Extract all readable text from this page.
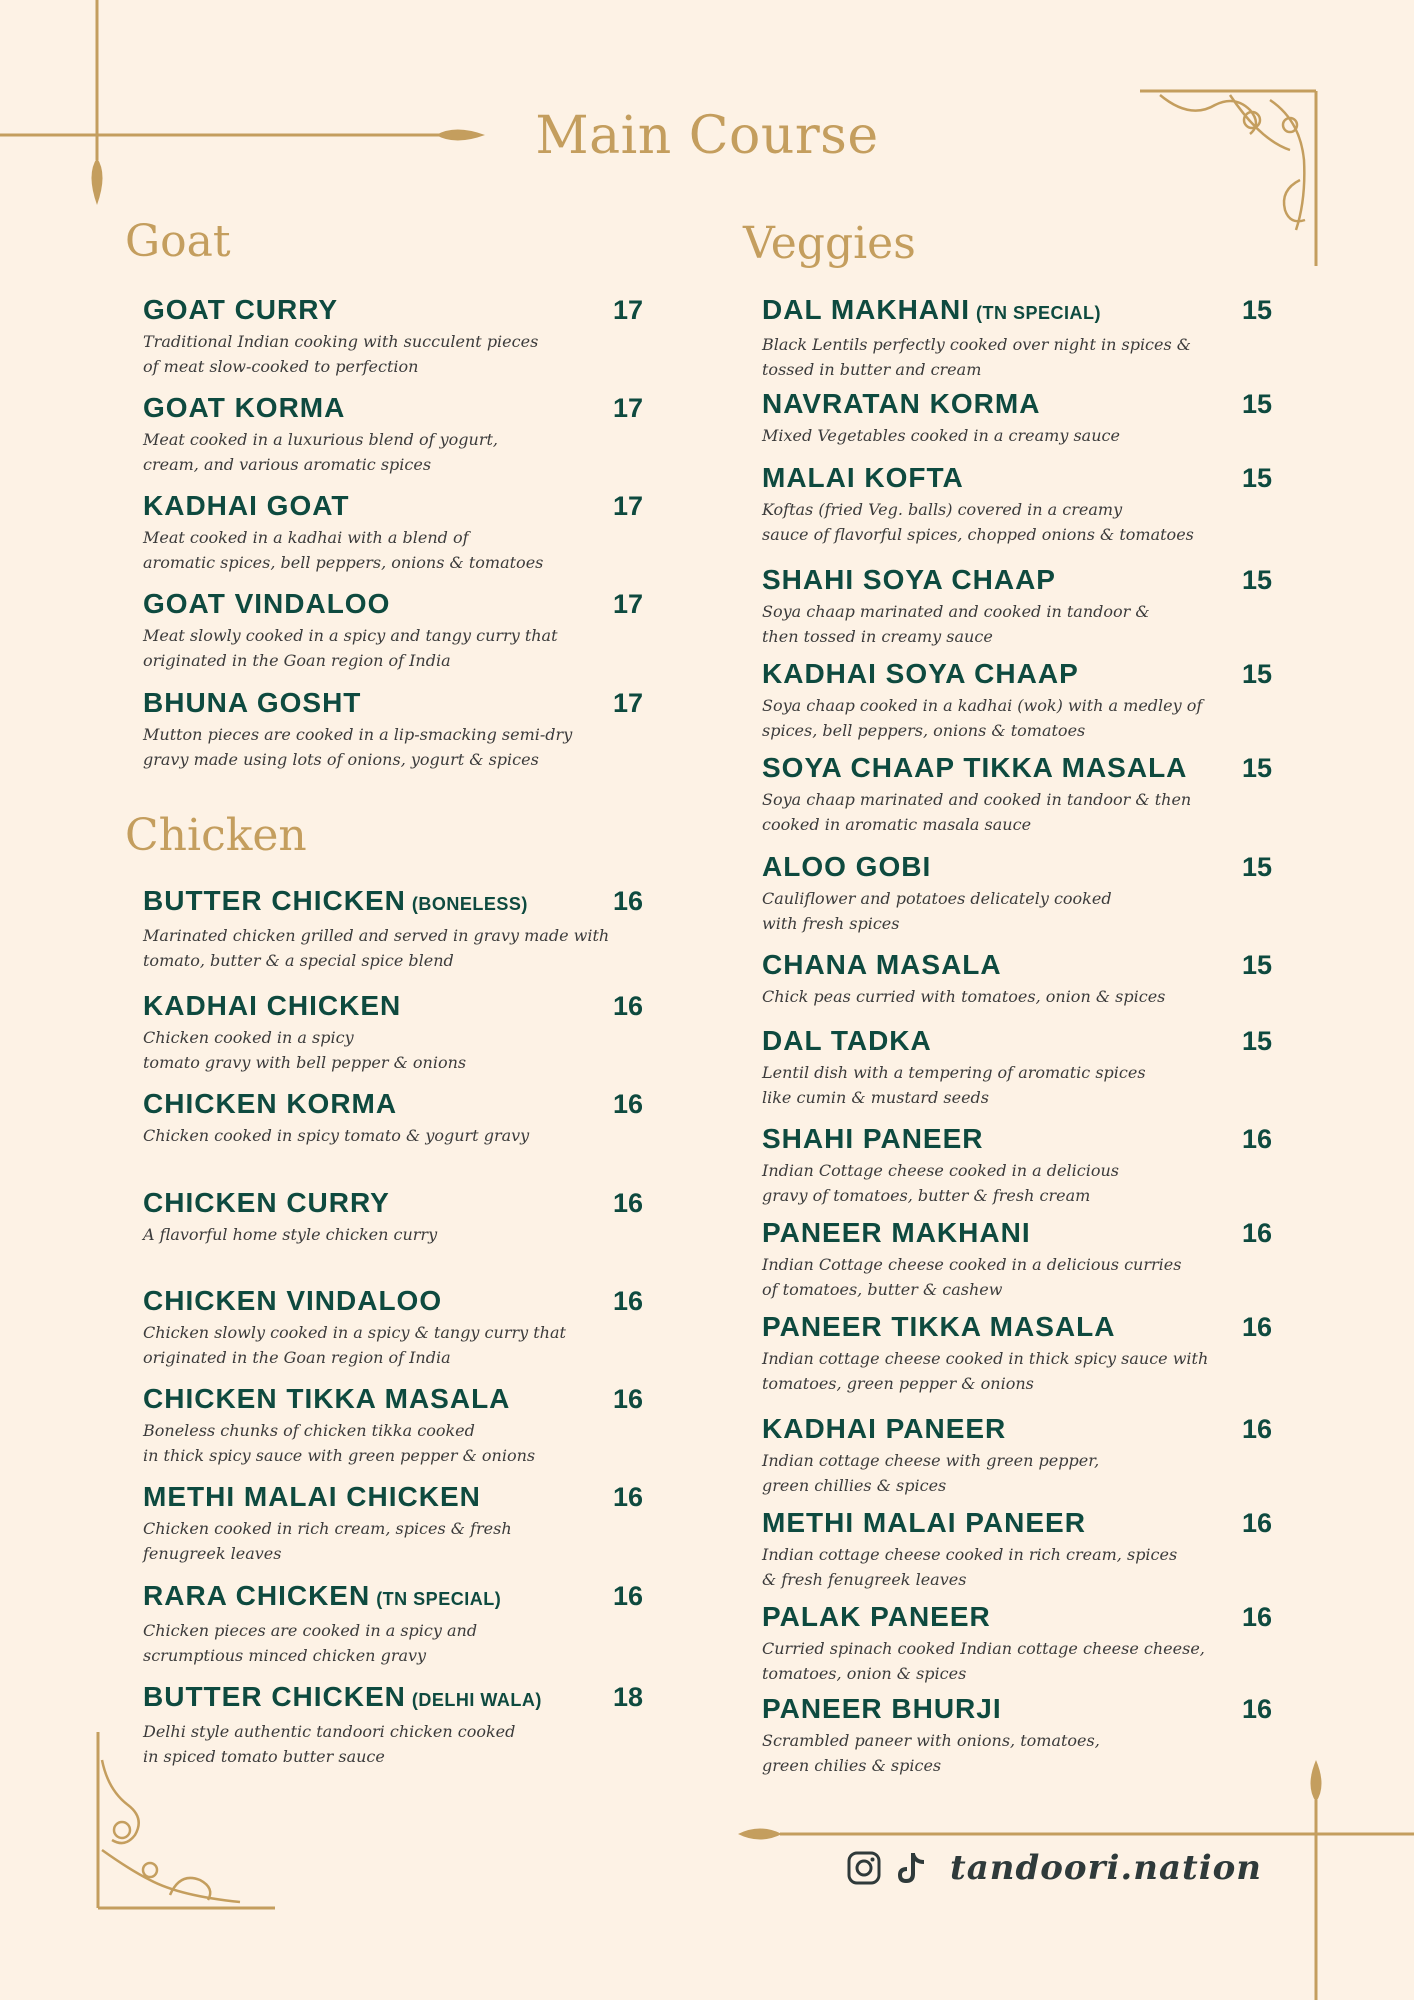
Main Course
Goat
Chicken
Veggies
GOAT CURRY	17
Traditional Indian cooking with succulent pieces
of meat slow-cooked to perfection
GOAT KORMA	17
Meat cooked in a luxurious blend of yogurt,
cream, and various aromatic spices
KADHAI GOAT	17
Meat cooked in a kadhai with a blend of
aromatic spices, bell peppers, onions & tomatoes
GOAT VINDALOO	17
Meat slowly cooked in a spicy and tangy curry that
originated in the Goan region of India
BHUNA GOSHT	17
Mutton pieces are cooked in a lip-smacking semi-dry
gravy made using lots of onions, yogurt & spices
BUTTER CHICKEN (BONELESS)	16
Marinated chicken grilled and served in gravy made with
tomato, butter & a special spice blend
KADHAI CHICKEN	16
Chicken cooked in a spicy
tomato gravy with bell pepper & onions
CHICKEN KORMA	16
Chicken cooked in spicy tomato & yogurt gravy
CHICKEN CURRY	16
A flavorful home style chicken curry
CHICKEN VINDALOO	16
Chicken slowly cooked in a spicy & tangy curry that
originated in the Goan region of India
CHICKEN TIKKA MASALA	16
Boneless chunks of chicken tikka cooked
in thick spicy sauce with green pepper & onions
METHI MALAI CHICKEN	16
Chicken cooked in rich cream, spices & fresh
fenugreek leaves
RARA CHICKEN (TN SPECIAL)	16
Chicken pieces are cooked in a spicy and
scrumptious minced chicken gravy
BUTTER CHICKEN (DELHI WALA)	18
Delhi style authentic tandoori chicken cooked
in spiced tomato butter sauce
DAL MAKHANI (TN SPECIAL)	15
Black Lentils perfectly cooked over night in spices &
tossed in butter and cream
NAVRATAN KORMA	15
Mixed Vegetables cooked in a creamy sauce
MALAI KOFTA	15
Koftas (fried Veg. balls) covered in a creamy
sauce of flavorful spices, chopped onions & tomatoes
SHAHI SOYA CHAAP	15
Soya chaap marinated and cooked in tandoor &
then tossed in creamy sauce
KADHAI SOYA CHAAP	15
Soya chaap cooked in a kadhai (wok) with a medley of
spices, bell peppers, onions & tomatoes
SOYA CHAAP TIKKA MASALA	15
Soya chaap marinated and cooked in tandoor & then
cooked in aromatic masala sauce
ALOO GOBI	15
Cauliflower and potatoes delicately cooked
with fresh spices
CHANA MASALA	15
Chick peas curried with tomatoes, onion & spices
DAL TADKA	15
Lentil dish with a tempering of aromatic spices
like cumin & mustard seeds
SHAHI PANEER	16
Indian Cottage cheese cooked in a delicious
gravy of tomatoes, butter & fresh cream
PANEER MAKHANI	16
Indian Cottage cheese cooked in a delicious curries
of tomatoes, butter & cashew
PANEER TIKKA MASALA	16
Indian cottage cheese cooked in thick spicy sauce with
tomatoes, green pepper & onions
KADHAI PANEER	16
Indian cottage cheese with green pepper,
green chillies & spices
METHI MALAI PANEER	16
Indian cottage cheese cooked in rich cream, spices
& fresh fenugreek leaves
PALAK PANEER	16
Curried spinach cooked Indian cottage cheese cheese,
tomatoes, onion & spices
PANEER BHURJI	16
Scrambled paneer with onions, tomatoes,
green chilies & spices
tandoori.nation
